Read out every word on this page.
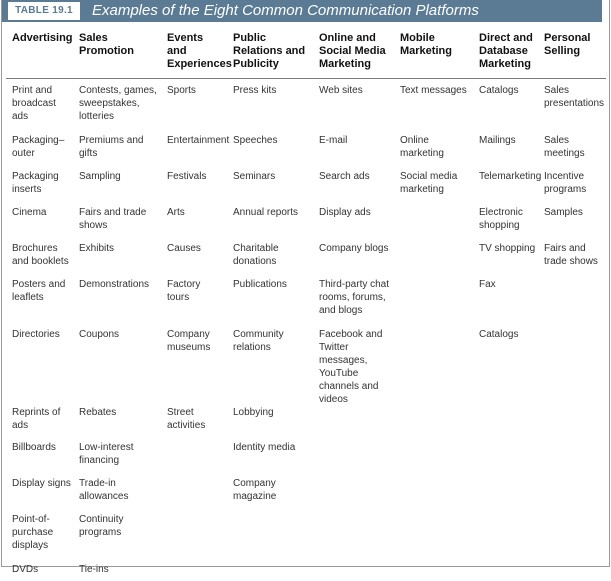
TABLE 19.1	Examples of the Eight Common Communication Platforms
Advertising	Sales Promotion	Events and Experiences	Public Relations and Publicity	Online and Social Media Marketing	Mobile Marketing	Direct and Database Marketing	Personal Selling

Print and broadcast ads	Contests, games, sweepstakes, lotteries	Sports	Press kits	Web sites	Text messages	Catalogs	Sales presentations
Packaging–outer	Premiums and gifts	Entertainment	Speeches	E-mail	Online marketing	Mailings	Sales meetings
Packaging inserts	Sampling	Festivals	Seminars	Search ads	Social media marketing	Telemarketing	Incentive programs
Cinema	Fairs and trade shows	Arts	Annual reports	Display ads		Electronic shopping	Samples
Brochures and booklets	Exhibits	Causes	Charitable donations	Company blogs		TV shopping	Fairs and trade shows
Posters and leaflets	Demonstrations	Factory tours	Publications	Third-party chat rooms, forums, and blogs		Fax	
Directories	Coupons	Company museums	Community relations	Facebook and Twitter messages, YouTube channels and videos		Catalogs	
Reprints of ads	Rebates	Street activities	Lobbying				
Billboards	Low-interest financing		Identity media				
Display signs	Trade-in allowances		Company magazine				
Point-of-purchase displays	Continuity programs						
DVDs	Tie-ins						
